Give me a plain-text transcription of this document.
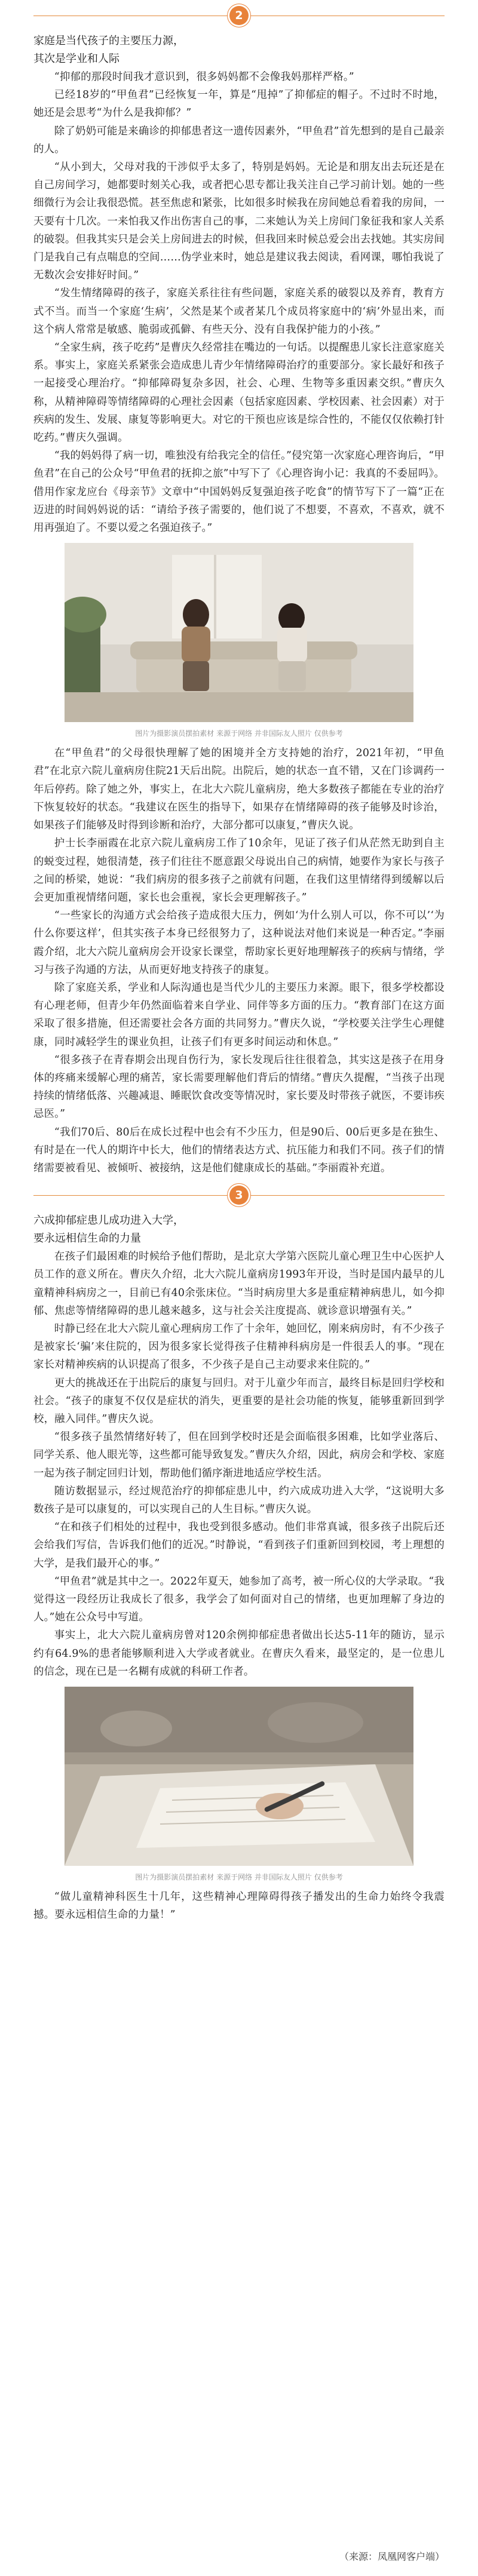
2
家庭是当代孩子的主要压力源，
其次是学业和人际

“抑郁的那段时间我才意识到，很多妈妈都不会像我妈那样严格。”

已经18岁的“甲鱼君”已经恢复一年，算是“甩掉”了抑郁症的帽子。不过时不时地，她还是会思考“为什么是我抑郁？”

除了奶奶可能是来确诊的抑郁患者这一遗传因素外，“甲鱼君”首先想到的是自己最亲的人。

“从小到大，父母对我的干涉似乎太多了，特别是妈妈。无论是和朋友出去玩还是在自己房间学习，她都要时刻关心我，或者把心思专都让我关注自己学习前计划。她的一些细微行为会让我很恐慌。甚至焦虑和紧张，比如很多时候我在房间她总看着我的房间，一天要有十几次。一来怕我又作出伤害自己的事，二来她认为关上房间门象征我和家人关系的破裂。但我其实只是会关上房间进去的时候，但我回来时候总爱会出去找她。其实房间门是我自己有点喘息的空间……伪学业来时，她总是建议我去阅读，看网课，哪怕我说了无数次会安排好时间。”

“发生情绪障碍的孩子，家庭关系往往有些问题，家庭关系的破裂以及养育，教育方式不当。而当一个家庭‘生病’，父然是某个或者某几个成员将家庭中的‘病’外显出来，而这个病人常常是敏感、脆弱或孤僻、有些天分、没有自我保护能力的小孩。”

“全家生病，孩子吃药”是曹庆久经常挂在嘴边的一句话。以提醒患儿家长注意家庭关系。事实上，家庭关系紧张会造成患儿青少年情绪障碍治疗的重要部分。家长最好和孩子一起接受心理治疗。“抑郁障碍复杂多因，社会、心理、生物等多重因素交织。”曹庆久称，从精神障碍等情绪障碍的心理社会因素（包括家庭因素、学校因素、社会因素）对于疾病的发生、发展、康复等影响更大。对它的干预也应该是综合性的，不能仅仅依赖打针吃药。”曹庆久强调。

“我的妈妈得了病一切，唯独没有给我完全的信任。”侵究第一次家庭心理咨询后，“甲鱼君”在自己的公众号“甲鱼君的抚抑之旅”中写下了《心理咨询小记：我真的不委屈吗》。借用作家龙应台《母亲节》文章中“中国妈妈反复强迫孩子吃食”的情节写下了一篇“正在迈进的时间妈妈说的话：“请给予孩子需要的，他们说了不想要，不喜欢，不喜欢，就不用再强迫了。不要以爱之名强迫孩子。”

图片为摄影演员摆拍素材 来源于网络 并非国际友人照片 仅供参考

在“甲鱼君”的父母很快理解了她的困境并全方支持她的治疗，2021年初，“甲鱼君”在北京六院儿童病房住院21天后出院。出院后，她的状态一直不错，又在门诊调药一年后停药。除了她之外，事实上，在北大六院儿童病房，绝大多数孩子都能在专业的治疗下恢复较好的状态。“我建议在医生的指导下，如果存在情绪障碍的孩子能够及时诊治，如果孩子们能够及时得到诊断和治疗，大部分都可以康复，”曹庆久说。

护士长李丽霞在北京六院儿童病房工作了10余年，见证了孩子们从茫然无助到自主的蜕变过程，她很清楚，孩子们往往不愿意跟父母说出自己的病情，她要作为家长与孩子之间的桥梁，她说：“我们病房的很多孩子之前就有问题，在我们这里情绪得到缓解以后会更加重视情绪问题，家长也会重视，家长会更理解孩子。”

“一些家长的沟通方式会给孩子造成很大压力，例如‘为什么别人可以，你不可以’‘为什么你要这样’，但其实孩子本身已经很努力了，这种说法对他们来说是一种否定。”李丽霞介绍，北大六院儿童病房会开设家长课堂，帮助家长更好地理解孩子的疾病与情绪，学习与孩子沟通的方法，从而更好地支持孩子的康复。

除了家庭关系，学业和人际沟通也是当代少儿的主要压力来源。眼下，很多学校都设有心理老师，但青少年仍然面临着来自学业、同伴等多方面的压力。“教育部门在这方面采取了很多措施，但还需要社会各方面的共同努力。”曹庆久说，“学校要关注学生心理健康，同时减轻学生的课业负担，让孩子们有更多时间运动和休息。”

“很多孩子在青春期会出现自伤行为，家长发现后往往很着急，其实这是孩子在用身体的疼痛来缓解心理的痛苦，家长需要理解他们背后的情绪。”曹庆久提醒，“当孩子出现持续的情绪低落、兴趣减退、睡眠饮食改变等情况时，家长要及时带孩子就医，不要讳疾忌医。”

“我们70后、80后在成长过程中也会有不少压力，但是90后、00后更多是在独生、有时是在一代人的期许中长大，他们的情绪表达方式、抗压能力和我们不同。孩子们的情绪需要被看见、被倾听、被接纳，这是他们健康成长的基础。”李丽霞补充道。

3
六成抑郁症患儿成功进入大学，
要永远相信生命的力量

在孩子们最困难的时候给予他们帮助，是北京大学第六医院儿童心理卫生中心医护人员工作的意义所在。曹庆久介绍，北大六院儿童病房1993年开设，当时是国内最早的儿童精神科病房之一，目前已有40余张床位。“当时病房里大多是重症精神病患儿，如今抑郁、焦虑等情绪障碍的患儿越来越多，这与社会关注度提高、就诊意识增强有关。”

时静已经在北大六院儿童心理病房工作了十余年，她回忆，刚来病房时，有不少孩子是被家长‘骗’来住院的，因为很多家长觉得孩子住精神科病房是一件很丢人的事。“现在家长对精神疾病的认识提高了很多，不少孩子是自己主动要求来住院的。”

更大的挑战还在于出院后的康复与回归。对于儿童少年而言，最终目标是回归学校和社会。“孩子的康复不仅仅是症状的消失，更重要的是社会功能的恢复，能够重新回到学校，融入同伴。”曹庆久说。

“很多孩子虽然情绪好转了，但在回到学校时还是会面临很多困难，比如学业落后、同学关系、他人眼光等，这些都可能导致复发。”曹庆久介绍，因此，病房会和学校、家庭一起为孩子制定回归计划，帮助他们循序渐进地适应学校生活。

随访数据显示，经过规范治疗的抑郁症患儿中，约六成成功进入大学，“这说明大多数孩子是可以康复的，可以实现自己的人生目标。”曹庆久说。

“在和孩子们相处的过程中，我也受到很多感动。他们非常真诚，很多孩子出院后还会给我们写信，告诉我们他们的近况。”时静说，“看到孩子们重新回到校园，考上理想的大学，是我们最开心的事。”

“甲鱼君”就是其中之一。2022年夏天，她参加了高考，被一所心仪的大学录取。“我觉得这一段经历让我成长了很多，我学会了如何面对自己的情绪，也更加理解了身边的人。”她在公众号中写道。

事实上，北大六院儿童病房曾对120余例抑郁症患者做出长达5-11年的随访，显示约有64.9%的患者能够顺利进入大学或者就业。在曹庆久看来，最坚定的，是一位患儿的信念，现在已是一名糊有成就的科研工作者。

图片为摄影演员摆拍素材 来源于网络 并非国际友人照片 仅供参考

“做儿童精神科医生十几年，这些精神心理障碍得孩子播发出的生命力始终令我震撼。要永远相信生命的力量！”

（来源：凤凰网客户端）
